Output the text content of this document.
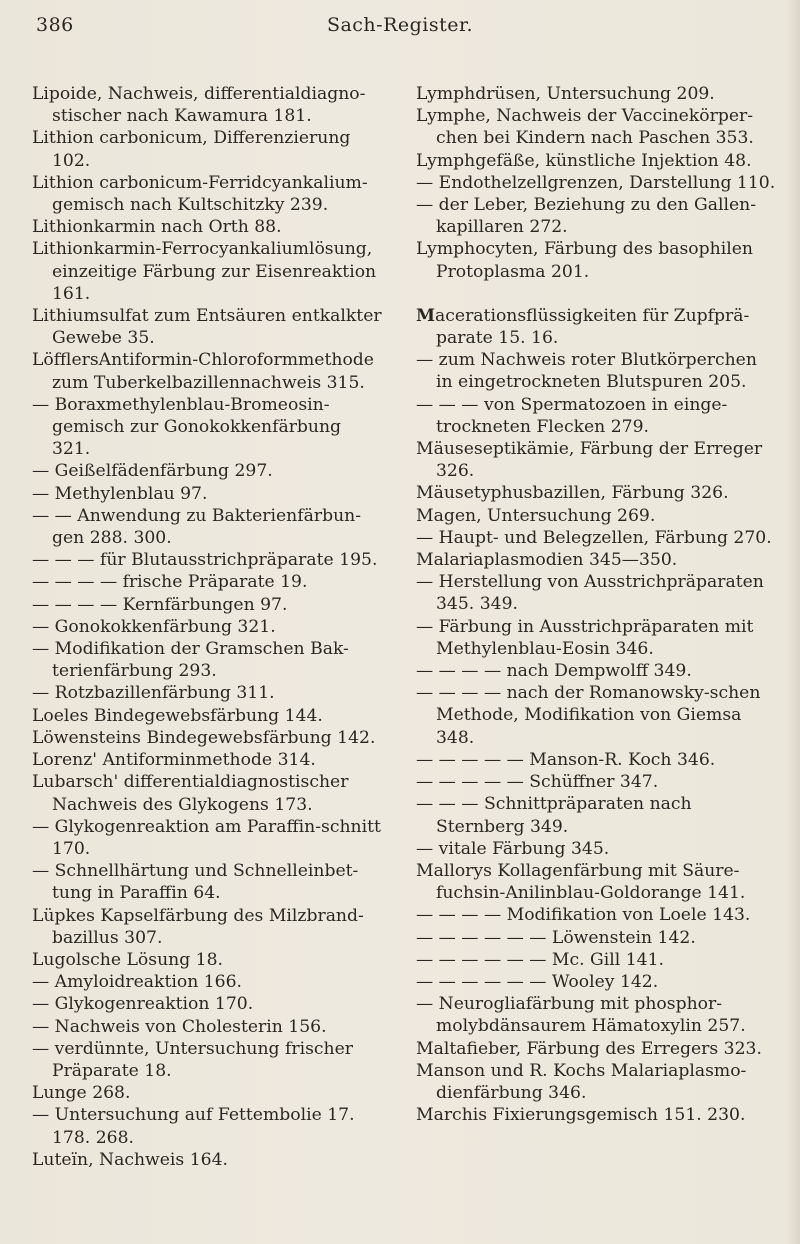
386	Sach-Register.

Lipoide, Nachweis, differentialdiagno-stischer nach Kawamura 181.

Lithion carbonicum, Differenzierung 102.

Lithion carbonicum-Ferridcyankalium-gemisch nach Kultschitzky 239.

Lithionkarmin nach Orth 88.

Lithionkarmin-Ferrocyankaliumlösung, einzeitige Färbung zur Eisenreaktion 161.

Lithiumsulfat zum Entsäuren entkalkter Gewebe 35.

LöfflersAntiformin-Chloroformmethode zum Tuberkelbazillennachweis 315.

— Boraxmethylenblau-Bromeosin-gemisch zur Gonokokkenfärbung 321.

— Geißelfädenfärbung 297.

— Methylenblau 97.

— — Anwendung zu Bakterienfärbun-gen 288. 300.

— — — für Blutausstrichpräparate 195.

— — — — frische Präparate 19.

— — — — Kernfärbungen 97.

— Gonokokkenfärbung 321.

— Modifikation der Gramschen Bak-terienfärbung 293.

— Rotzbazillenfärbung 311.

Loeles Bindegewebsfärbung 144.

Löwensteins Bindegewebsfärbung 142.

Lorenz' Antiforminmethode 314.

Lubarsch' differentialdiagnostischer Nachweis des Glykogens 173.

— Glykogenreaktion am Paraffin-schnitt 170.

— Schnellhärtung und Schnelleinbet-tung in Paraffin 64.

Lüpkes Kapselfärbung des Milzbrand-bazillus 307.

Lugolsche Lösung 18.

— Amyloidreaktion 166.

— Glykogenreaktion 170.

— Nachweis von Cholesterin 156.

— verdünnte, Untersuchung frischer Präparate 18.

Lunge 268.

— Untersuchung auf Fettembolie 17. 178. 268.

Luteïn, Nachweis 164.

Lymphdrüsen, Untersuchung 209.

Lymphe, Nachweis der Vaccinekörper-chen bei Kindern nach Paschen 353.

Lymphgefäße, künstliche Injektion 48.

— Endothelzellgrenzen, Darstellung 110.

— der Leber, Beziehung zu den Gallen-kapillaren 272.

Lymphocyten, Färbung des basophilen Protoplasma 201.

Macerationsflüssigkeiten für Zupfprä-parate 15. 16.

— zum Nachweis roter Blutkörperchen in eingetrockneten Blutspuren 205.

— — — von Spermatozoen in einge-trockneten Flecken 279.

Mäuseseptikämie, Färbung der Erreger 326.

Mäusetyphusbazillen, Färbung 326.

Magen, Untersuchung 269.

— Haupt- und Belegzellen, Färbung 270.

Malariaplasmodien 345—350.

— Herstellung von Ausstrichpräparaten 345. 349.

— Färbung in Ausstrichpräparaten mit Methylenblau-Eosin 346.

— — — — nach Dempwolff 349.

— — — — nach der Romanowsky-schen Methode, Modifikation von Giemsa 348.

— — — — — Manson-R. Koch 346.

— — — — — Schüffner 347.

— — — Schnittpräparaten nach Sternberg 349.

— vitale Färbung 345.

Mallorys Kollagenfärbung mit Säure-fuchsin-Anilinblau-Goldorange 141.

— — — — Modifikation von Loele 143.

— — — — — — Löwenstein 142.

— — — — — — Mc. Gill 141.

— — — — — — Wooley 142.

— Neurogliafärbung mit phosphor-molybdänsaurem Hämatoxylin 257.

Maltafieber, Färbung des Erregers 323.

Manson und R. Kochs Malariaplasmo-dienfärbung 346.

Marchis Fixierungsgemisch 151. 230.
